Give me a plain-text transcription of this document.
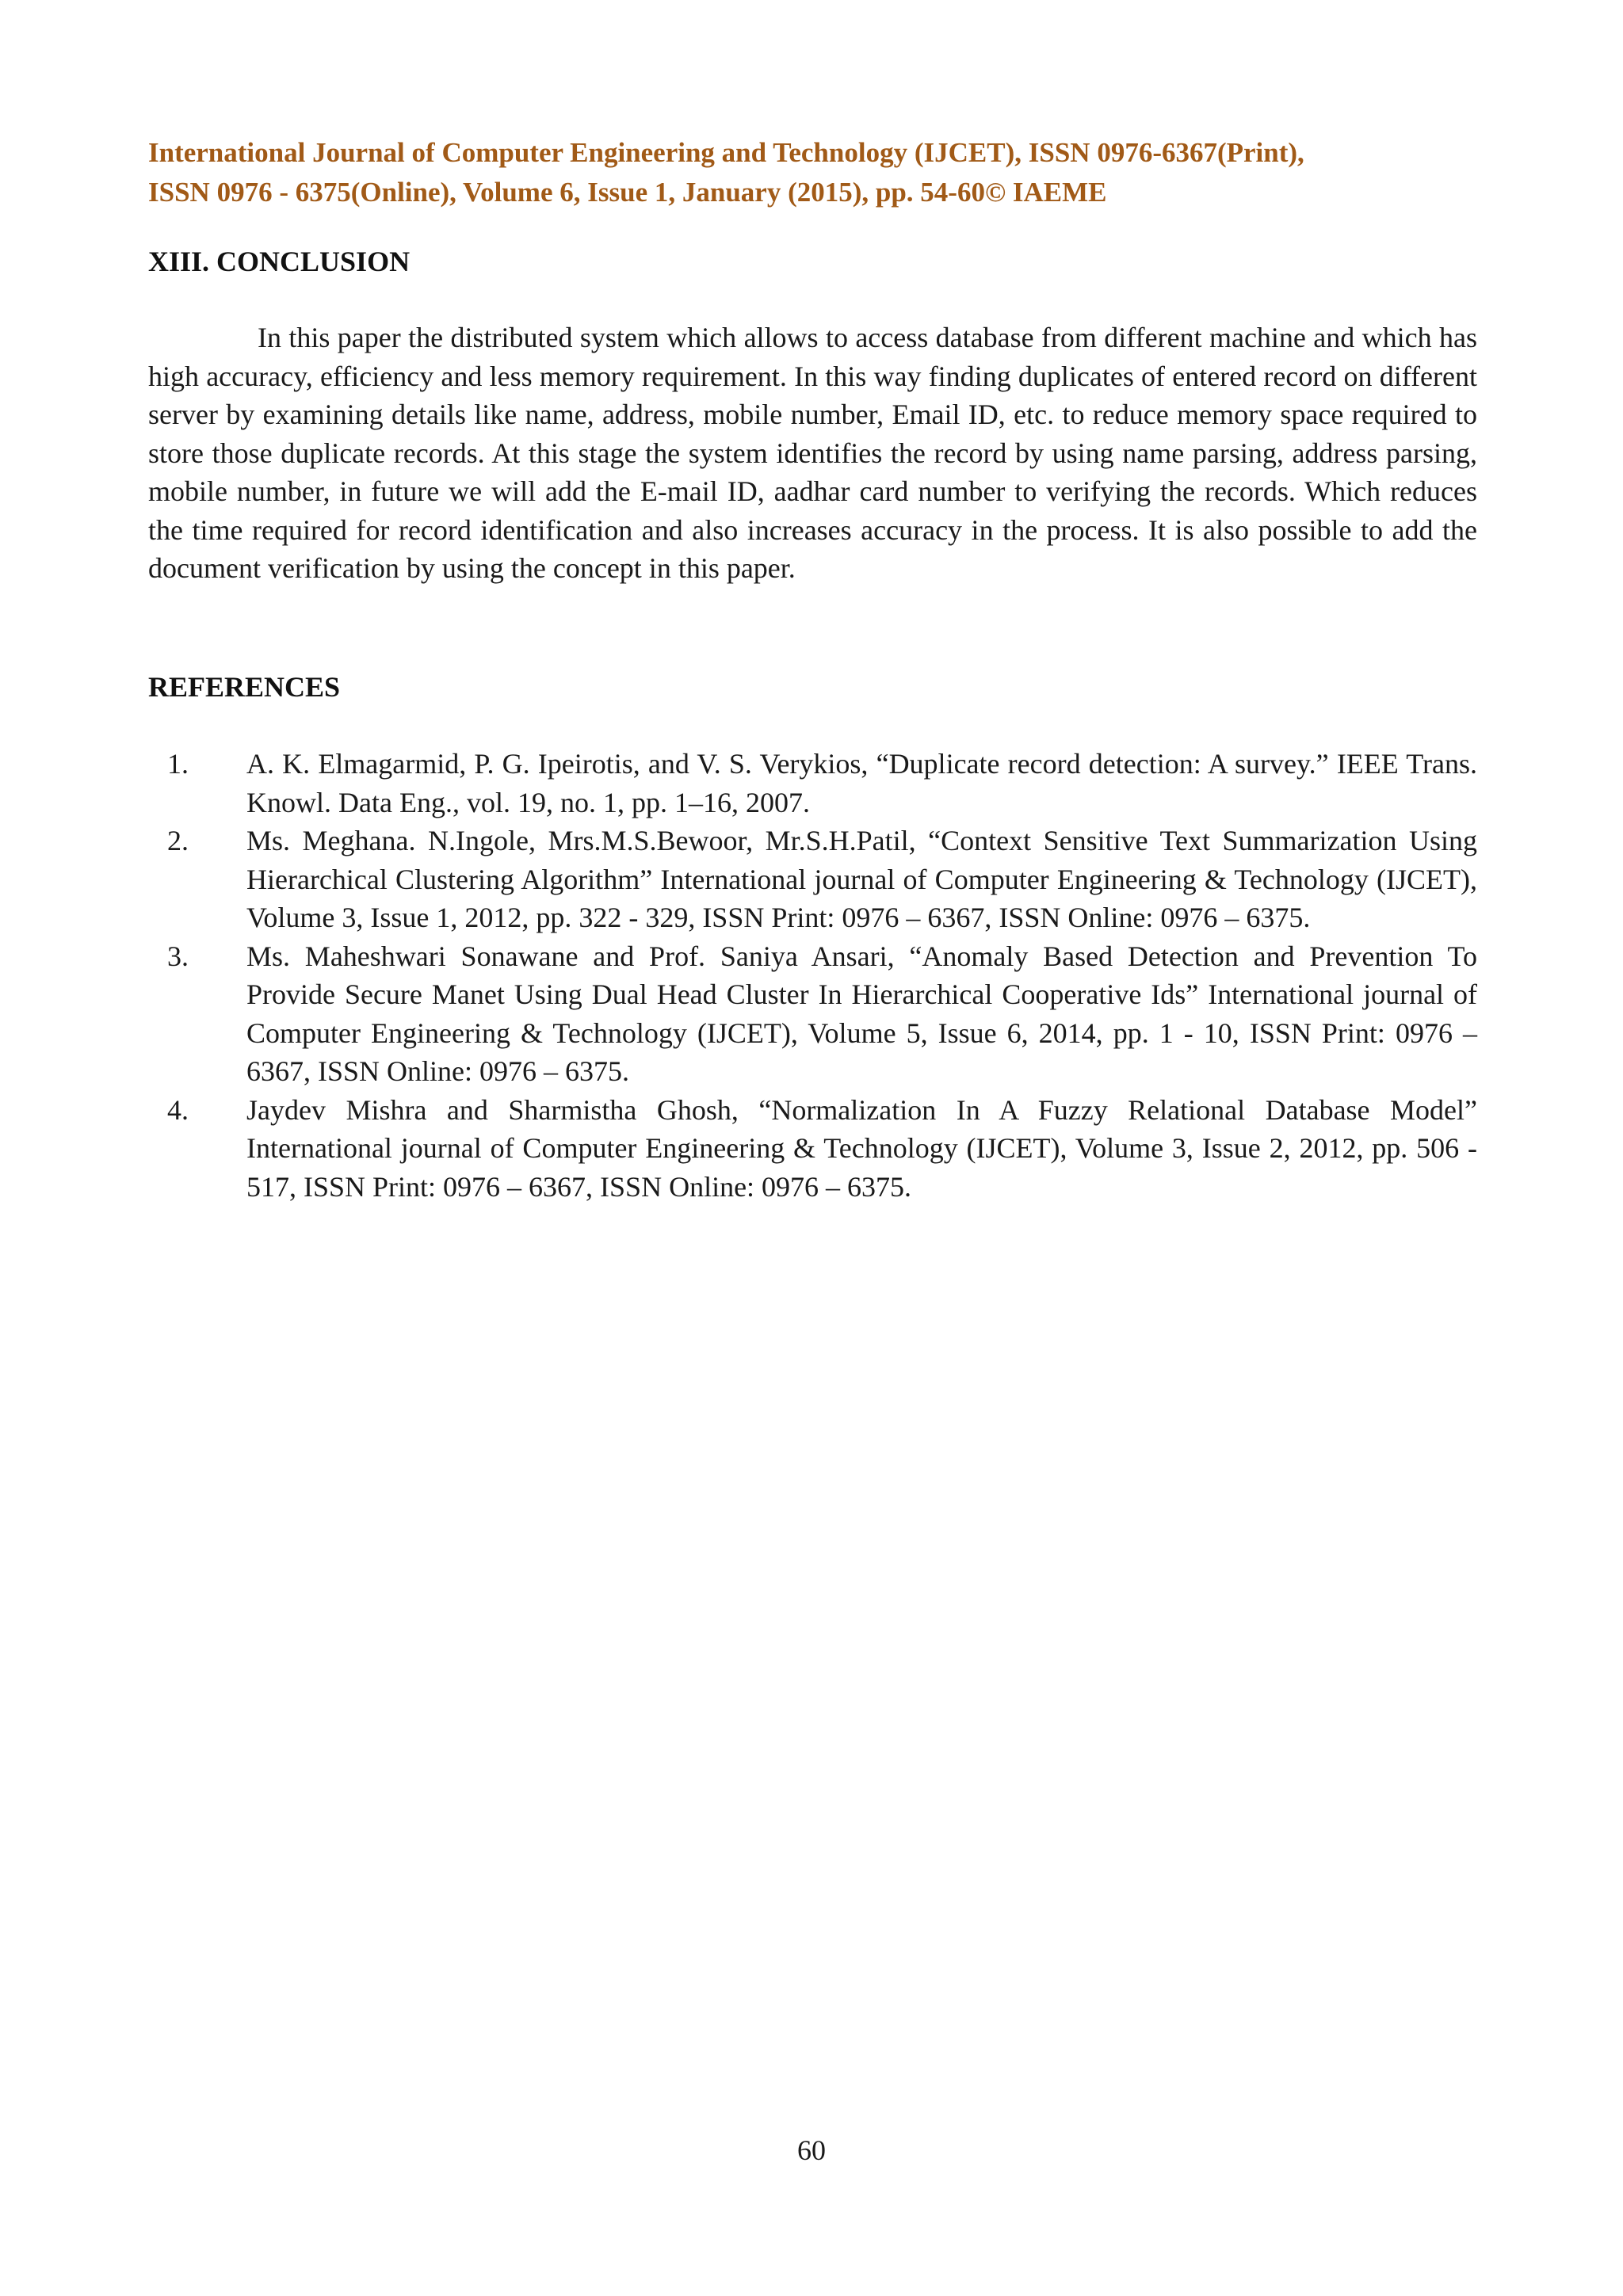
International Journal of Computer Engineering and Technology (IJCET), ISSN 0976-6367(Print),
ISSN 0976 - 6375(Online), Volume 6, Issue 1, January (2015), pp. 54-60© IAEME
XIII. CONCLUSION

In this paper the distributed system which allows to access database from different machine and which has high accuracy, efficiency and less memory requirement. In this way finding duplicates of entered record on different server by examining details like name, address, mobile number, Email ID, etc. to reduce memory space required to store those duplicate records. At this stage the system identifies the record by using name parsing, address parsing, mobile number, in future we will add the E-mail ID, aadhar card number to verifying the records. Which reduces the time required for record identification and also increases accuracy in the process. It is also possible to add the document verification by using the concept in this paper.

REFERENCES
1. A. K. Elmagarmid, P. G. Ipeirotis, and V. S. Verykios, “Duplicate record detection: A survey.” IEEE Trans. Knowl. Data Eng., vol. 19, no. 1, pp. 1–16, 2007.
2. Ms. Meghana. N.Ingole, Mrs.M.S.Bewoor, Mr.S.H.Patil, “Context Sensitive Text Summarization Using Hierarchical Clustering Algorithm” International journal of Computer Engineering & Technology (IJCET), Volume 3, Issue 1, 2012, pp. 322 - 329, ISSN Print: 0976 – 6367, ISSN Online: 0976 – 6375.
3. Ms. Maheshwari Sonawane and Prof. Saniya Ansari, “Anomaly Based Detection and Prevention To Provide Secure Manet Using Dual Head Cluster In Hierarchical Cooperative Ids” International journal of Computer Engineering & Technology (IJCET), Volume 5, Issue 6, 2014, pp. 1 - 10, ISSN Print: 0976 – 6367, ISSN Online: 0976 – 6375.
4. Jaydev Mishra and Sharmistha Ghosh, “Normalization In A Fuzzy Relational Database Model” International journal of Computer Engineering & Technology (IJCET), Volume 3, Issue 2, 2012, pp. 506 - 517, ISSN Print: 0976 – 6367, ISSN Online: 0976 – 6375.
60
